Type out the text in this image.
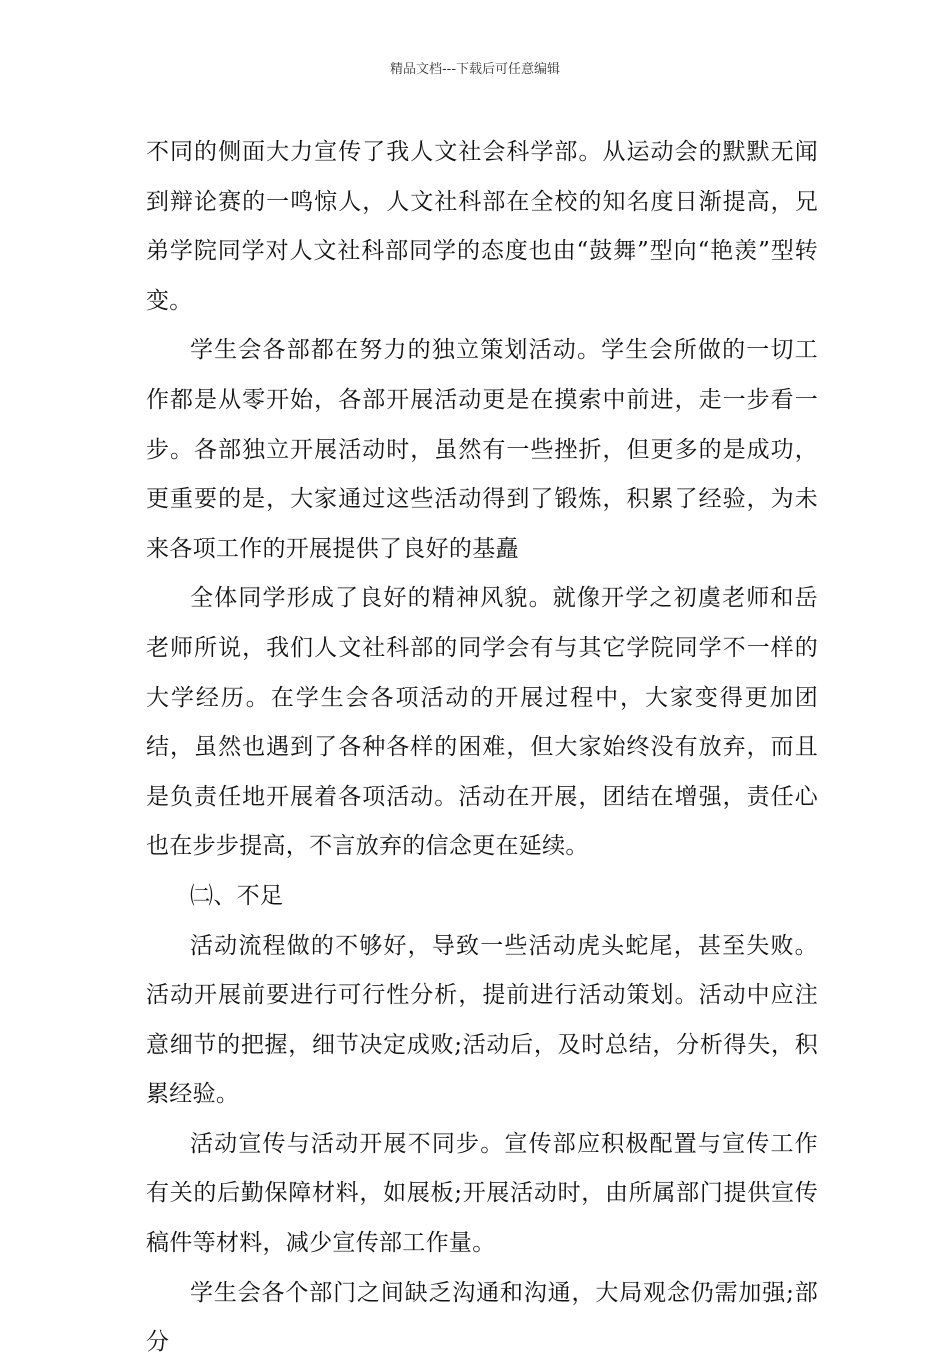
精品文档---下载后可任意编辑

不同的侧面大力宣传了我人文社会科学部。从运动会的默默无闻到辩论赛的一鸣惊人，人文社科部在全校的知名度日渐提高，兄弟学院同学对人文社科部同学的态度也由“鼓舞”型向“艳羡”型转变。

学生会各部都在努力的独立策划活动。学生会所做的一切工作都是从零开始，各部开展活动更是在摸索中前进，走一步看一步。各部独立开展活动时，虽然有一些挫折，但更多的是成功，更重要的是，大家通过这些活动得到了锻炼，积累了经验，为未来各项工作的开展提供了良好的基矗

全体同学形成了良好的精神风貌。就像开学之初虞老师和岳老师所说，我们人文社科部的同学会有与其它学院同学不一样的大学经历。在学生会各项活动的开展过程中，大家变得更加团结，虽然也遇到了各种各样的困难，但大家始终没有放弃，而且是负责任地开展着各项活动。活动在开展，团结在增强，责任心也在步步提高，不言放弃的信念更在延续。

㈡、不足

活动流程做的不够好，导致一些活动虎头蛇尾，甚至失败。活动开展前要进行可行性分析，提前进行活动策划。活动中应注意细节的把握，细节决定成败;活动后，及时总结，分析得失，积累经验。

活动宣传与活动开展不同步。宣传部应积极配置与宣传工作有关的后勤保障材料，如展板;开展活动时，由所属部门提供宣传稿件等材料，减少宣传部工作量。

学生会各个部门之间缺乏沟通和沟通，大局观念仍需加强;部分
